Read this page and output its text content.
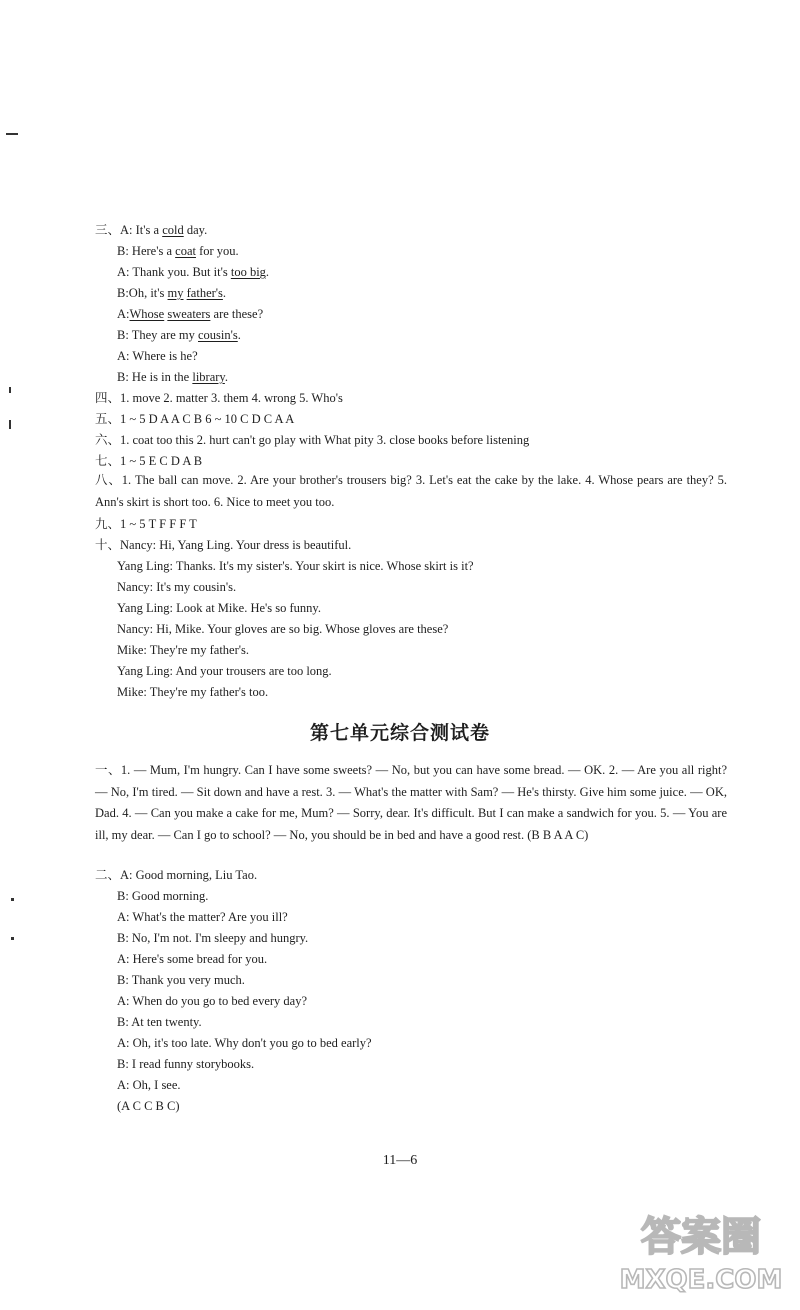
三、A: It's a cold day.
B: Here's a coat for you.
A: Thank you. But it's too big.
B:Oh, it's my father's.
A:Whose sweaters are these?
B: They are my cousin's.
A: Where is he?
B: He is in the library.
四、1. move 2. matter 3. them 4. wrong 5. Who's
五、1 ~ 5 D A A C B 6 ~ 10 C D C A A
六、1. coat too this 2. hurt can't go play with What pity 3. close books before listening
七、1 ~ 5 E C D A B
八、1. The ball can move. 2. Are your brother's trousers big? 3. Let's eat the cake by the lake. 4. Whose pears are they? 5. Ann's skirt is short too. 6. Nice to meet you too.
九、1 ~ 5 T F F F T
十、Nancy: Hi, Yang Ling. Your dress is beautiful.
Yang Ling: Thanks. It's my sister's. Your skirt is nice. Whose skirt is it?
Nancy: It's my cousin's.
Yang Ling: Look at Mike. He's so funny.
Nancy: Hi, Mike. Your gloves are so big. Whose gloves are these?
Mike: They're my father's.
Yang Ling: And your trousers are too long.
Mike: They're my father's too.
第七单元综合测试卷
一、1. — Mum, I'm hungry. Can I have some sweets? — No, but you can have some bread. — OK. 2. — Are you all right? — No, I'm tired. — Sit down and have a rest. 3. — What's the matter with Sam? — He's thirsty. Give him some juice. — OK, Dad. 4. — Can you make a cake for me, Mum? — Sorry, dear. It's difficult. But I can make a sandwich for you. 5. — You are ill, my dear. — Can I go to school? — No, you should be in bed and have a good rest. (B B A A C)
二、A: Good morning, Liu Tao.
B: Good morning.
A: What's the matter? Are you ill?
B: No, I'm not. I'm sleepy and hungry.
A: Here's some bread for you.
B: Thank you very much.
A: When do you go to bed every day?
B: At ten twenty.
A: Oh, it's too late. Why don't you go to bed early?
B: I read funny storybooks.
A: Oh, I see.
(A C C B C)
11—6
答案圈
MXQE.COM
